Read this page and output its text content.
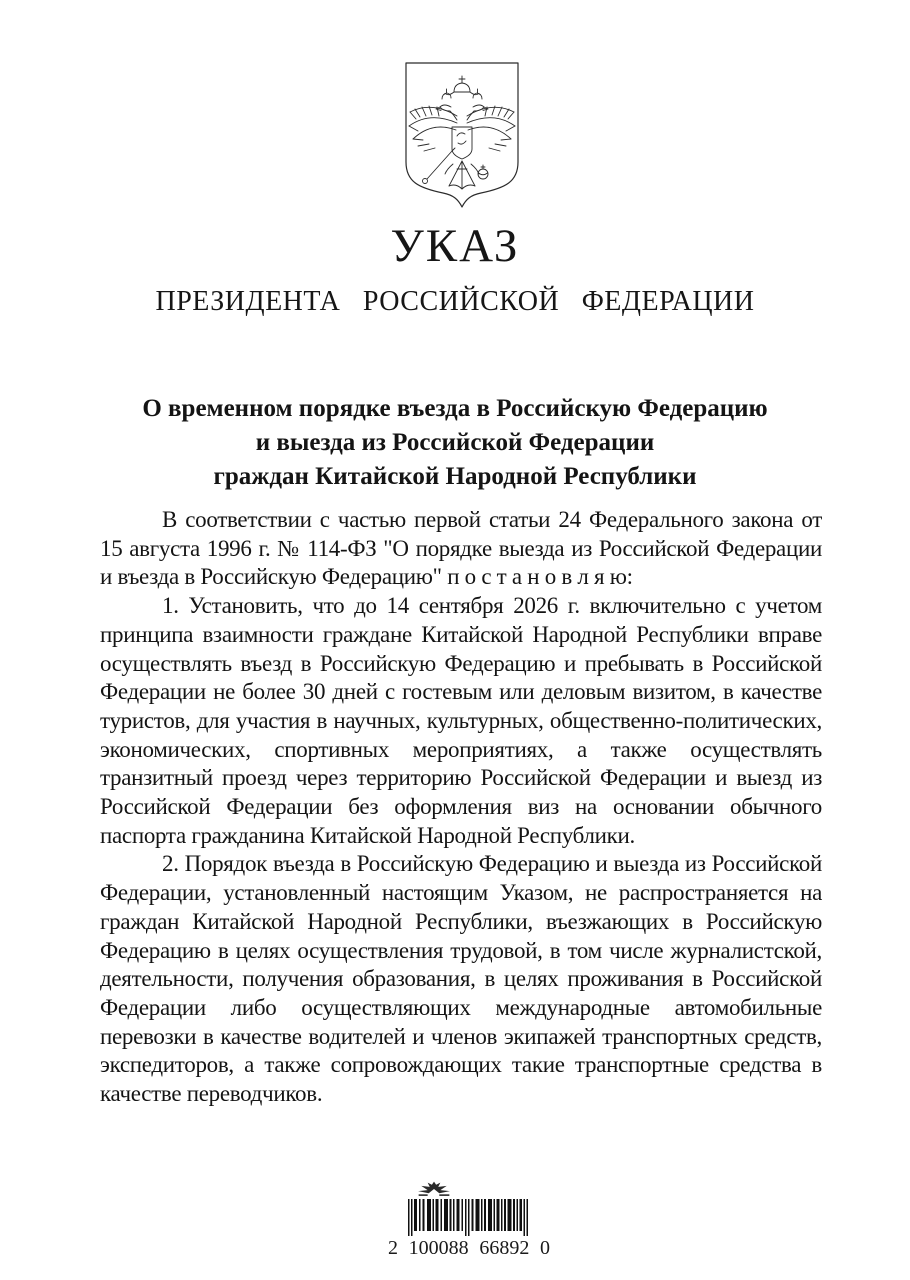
УКАЗ
ПРЕЗИДЕНТА РОССИЙСКОЙ ФЕДЕРАЦИИ
О временном порядке въезда в Российскую Федерацию
и выезда из Российской Федерации
граждан Китайской Народной Республики

В соответствии с частью первой статьи 24 Федерального закона от 15 августа 1996 г. № 114-ФЗ "О порядке выезда из Российской Федерации и въезда в Российскую Федерацию" п о с т а н о в л я ю:

1. Установить, что до 14 сентября 2026 г. включительно с учетом принципа взаимности граждане Китайской Народной Республики вправе осуществлять въезд в Российскую Федерацию и пребывать в Российской Федерации не более 30 дней с гостевым или деловым визитом, в качестве туристов, для участия в научных, культурных, общественно-политических, экономических, спортивных мероприятиях, а также осуществлять транзитный проезд через территорию Российской Федерации и выезд из Российской Федерации без оформления виз на основании обычного паспорта гражданина Китайской Народной Республики.

2. Порядок въезда в Российскую Федерацию и выезда из Российской Федерации, установленный настоящим Указом, не распространяется на граждан Китайской Народной Республики, въезжающих в Российскую Федерацию в целях осуществления трудовой, в том числе журналистской, деятельности, получения образования, в целях проживания в Российской Федерации либо осуществляющих международные автомобильные перевозки в качестве водителей и членов экипажей транспортных средств, экспедиторов, а также сопровождающих такие транспортные средства в качестве переводчиков.

2 100088 66892 0
